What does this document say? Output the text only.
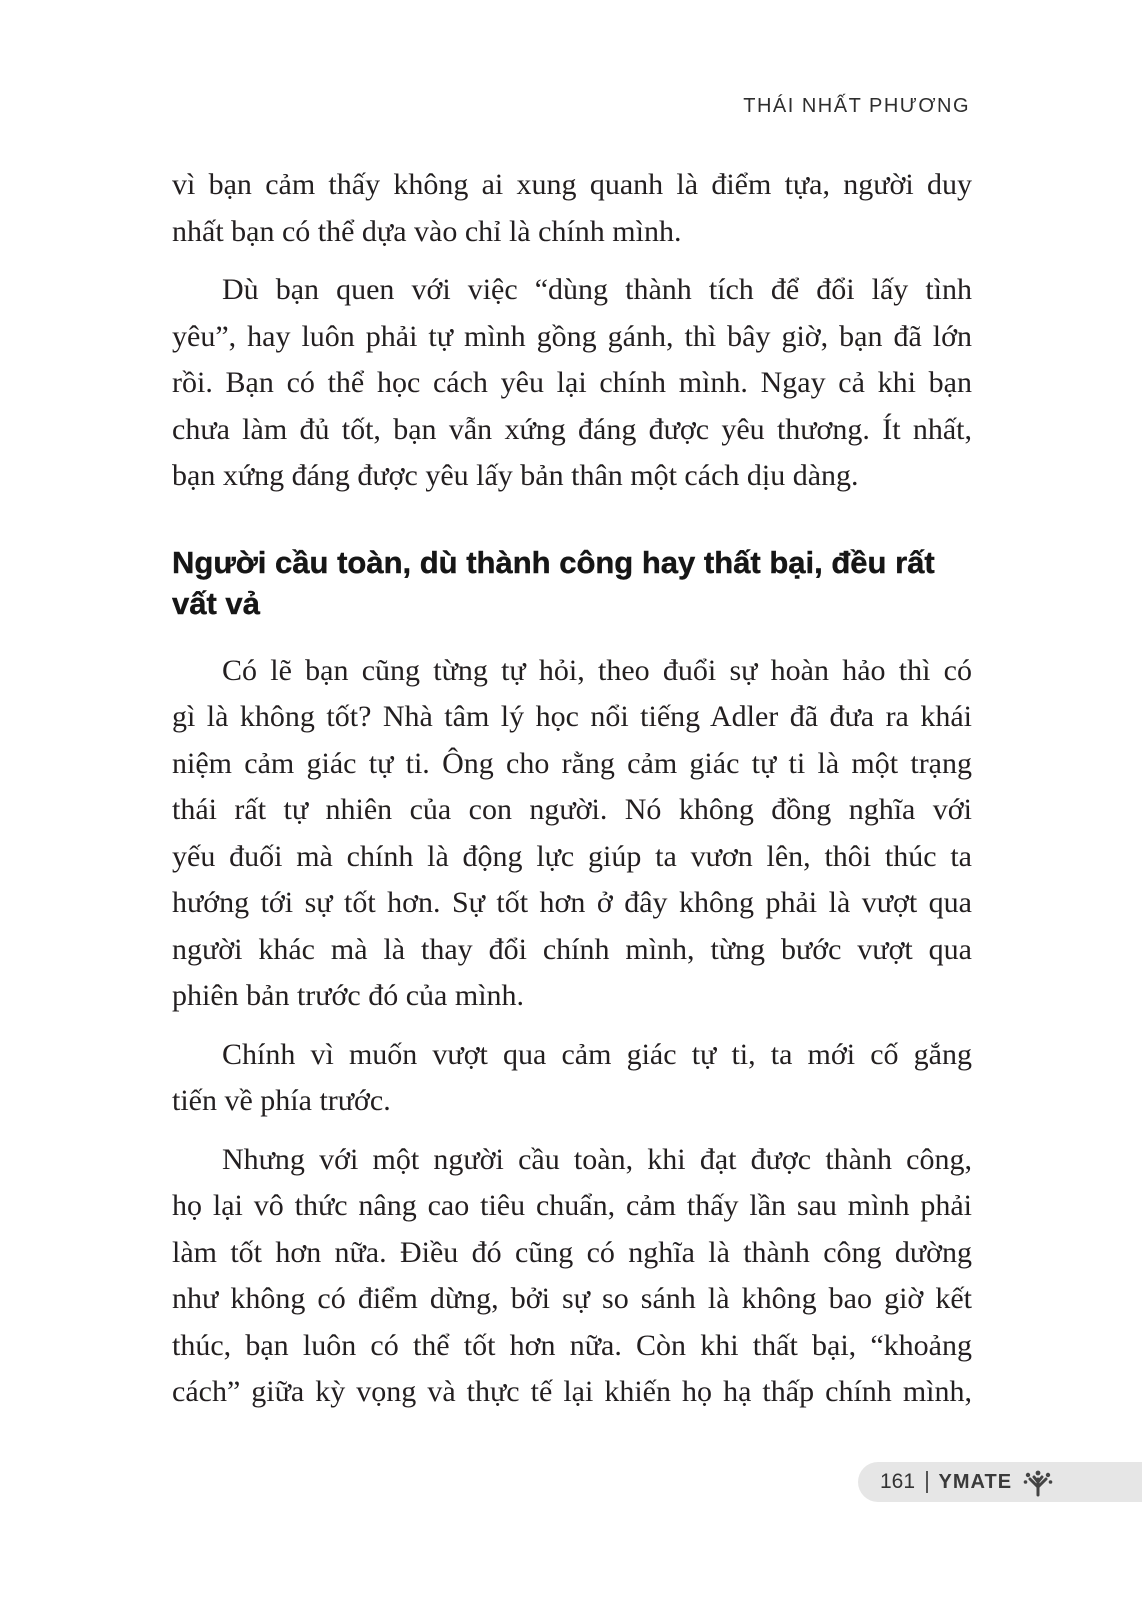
THÁI NHẤT PHƯƠNG
vì bạn cảm thấy không ai xung quanh là điểm tựa, người duy
nhất bạn có thể dựa vào chỉ là chính mình.
Dù bạn quen với việc “dùng thành tích để đổi lấy tình
yêu”, hay luôn phải tự mình gồng gánh, thì bây giờ, bạn đã lớn
rồi. Bạn có thể học cách yêu lại chính mình. Ngay cả khi bạn
chưa làm đủ tốt, bạn vẫn xứng đáng được yêu thương. Ít nhất,
bạn xứng đáng được yêu lấy bản thân một cách dịu dàng.
Người cầu toàn, dù thành công hay thất bại, đều rất
vất vả
Có lẽ bạn cũng từng tự hỏi, theo đuổi sự hoàn hảo thì có
gì là không tốt? Nhà tâm lý học nổi tiếng Adler đã đưa ra khái
niệm cảm giác tự ti. Ông cho rằng cảm giác tự ti là một trạng
thái rất tự nhiên của con người. Nó không đồng nghĩa với
yếu đuối mà chính là động lực giúp ta vươn lên, thôi thúc ta
hướng tới sự tốt hơn. Sự tốt hơn ở đây không phải là vượt qua
người khác mà là thay đổi chính mình, từng bước vượt qua
phiên bản trước đó của mình.
Chính vì muốn vượt qua cảm giác tự ti, ta mới cố gắng
tiến về phía trước.
Nhưng với một người cầu toàn, khi đạt được thành công,
họ lại vô thức nâng cao tiêu chuẩn, cảm thấy lần sau mình phải
làm tốt hơn nữa. Điều đó cũng có nghĩa là thành công dường
như không có điểm dừng, bởi sự so sánh là không bao giờ kết
thúc, bạn luôn có thể tốt hơn nữa. Còn khi thất bại, “khoảng
cách” giữa kỳ vọng và thực tế lại khiến họ hạ thấp chính mình,
161 YMATE
